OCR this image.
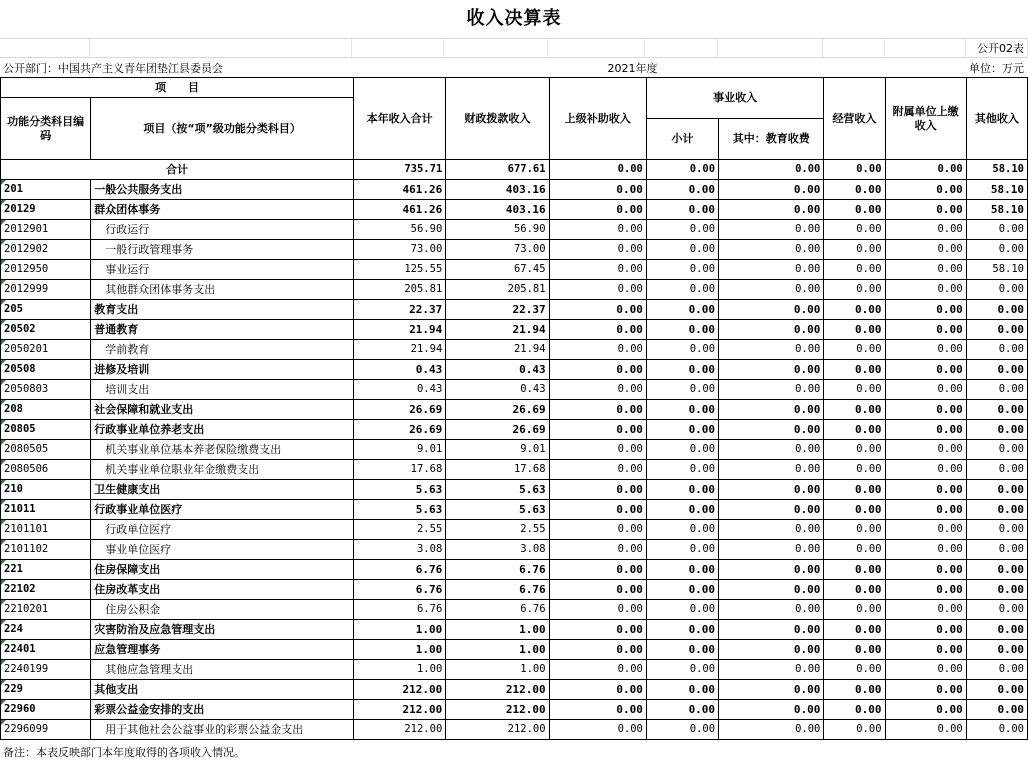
收入决算表
公开02表
公开部门：中国共产主义青年团垫江县委员会	2021年度	单位：万元
项　　目		本年收入合计	财政拨款收入	上级补助收入	事业收入		经营收入	附属单位上缴收入	其他收入
功能分类科目编码	项目（按“项”级功能分类科目）								
					小计	其中：教育收费			
合计		735.71	677.61	0.00	0.00	0.00	0.00	0.00	58.10
201	一般公共服务支出	461.26	403.16	0.00	0.00	0.00	0.00	0.00	58.10
20129	群众团体事务	461.26	403.16	0.00	0.00	0.00	0.00	0.00	58.10
2012901	行政运行	56.90	56.90	0.00	0.00	0.00	0.00	0.00	0.00
2012902	一般行政管理事务	73.00	73.00	0.00	0.00	0.00	0.00	0.00	0.00
2012950	事业运行	125.55	67.45	0.00	0.00	0.00	0.00	0.00	58.10
2012999	其他群众团体事务支出	205.81	205.81	0.00	0.00	0.00	0.00	0.00	0.00
205	教育支出	22.37	22.37	0.00	0.00	0.00	0.00	0.00	0.00
20502	普通教育	21.94	21.94	0.00	0.00	0.00	0.00	0.00	0.00
2050201	学前教育	21.94	21.94	0.00	0.00	0.00	0.00	0.00	0.00
20508	进修及培训	0.43	0.43	0.00	0.00	0.00	0.00	0.00	0.00
2050803	培训支出	0.43	0.43	0.00	0.00	0.00	0.00	0.00	0.00
208	社会保障和就业支出	26.69	26.69	0.00	0.00	0.00	0.00	0.00	0.00
20805	行政事业单位养老支出	26.69	26.69	0.00	0.00	0.00	0.00	0.00	0.00
2080505	机关事业单位基本养老保险缴费支出	9.01	9.01	0.00	0.00	0.00	0.00	0.00	0.00
2080506	机关事业单位职业年金缴费支出	17.68	17.68	0.00	0.00	0.00	0.00	0.00	0.00
210	卫生健康支出	5.63	5.63	0.00	0.00	0.00	0.00	0.00	0.00
21011	行政事业单位医疗	5.63	5.63	0.00	0.00	0.00	0.00	0.00	0.00
2101101	行政单位医疗	2.55	2.55	0.00	0.00	0.00	0.00	0.00	0.00
2101102	事业单位医疗	3.08	3.08	0.00	0.00	0.00	0.00	0.00	0.00
221	住房保障支出	6.76	6.76	0.00	0.00	0.00	0.00	0.00	0.00
22102	住房改革支出	6.76	6.76	0.00	0.00	0.00	0.00	0.00	0.00
2210201	住房公积金	6.76	6.76	0.00	0.00	0.00	0.00	0.00	0.00
224	灾害防治及应急管理支出	1.00	1.00	0.00	0.00	0.00	0.00	0.00	0.00
22401	应急管理事务	1.00	1.00	0.00	0.00	0.00	0.00	0.00	0.00
2240199	其他应急管理支出	1.00	1.00	0.00	0.00	0.00	0.00	0.00	0.00
229	其他支出	212.00	212.00	0.00	0.00	0.00	0.00	0.00	0.00
22960	彩票公益金安排的支出	212.00	212.00	0.00	0.00	0.00	0.00	0.00	0.00
2296099	用于其他社会公益事业的彩票公益金支出	212.00	212.00	0.00	0.00	0.00	0.00	0.00	0.00
备注：本表反映部门本年度取得的各项收入情况。
